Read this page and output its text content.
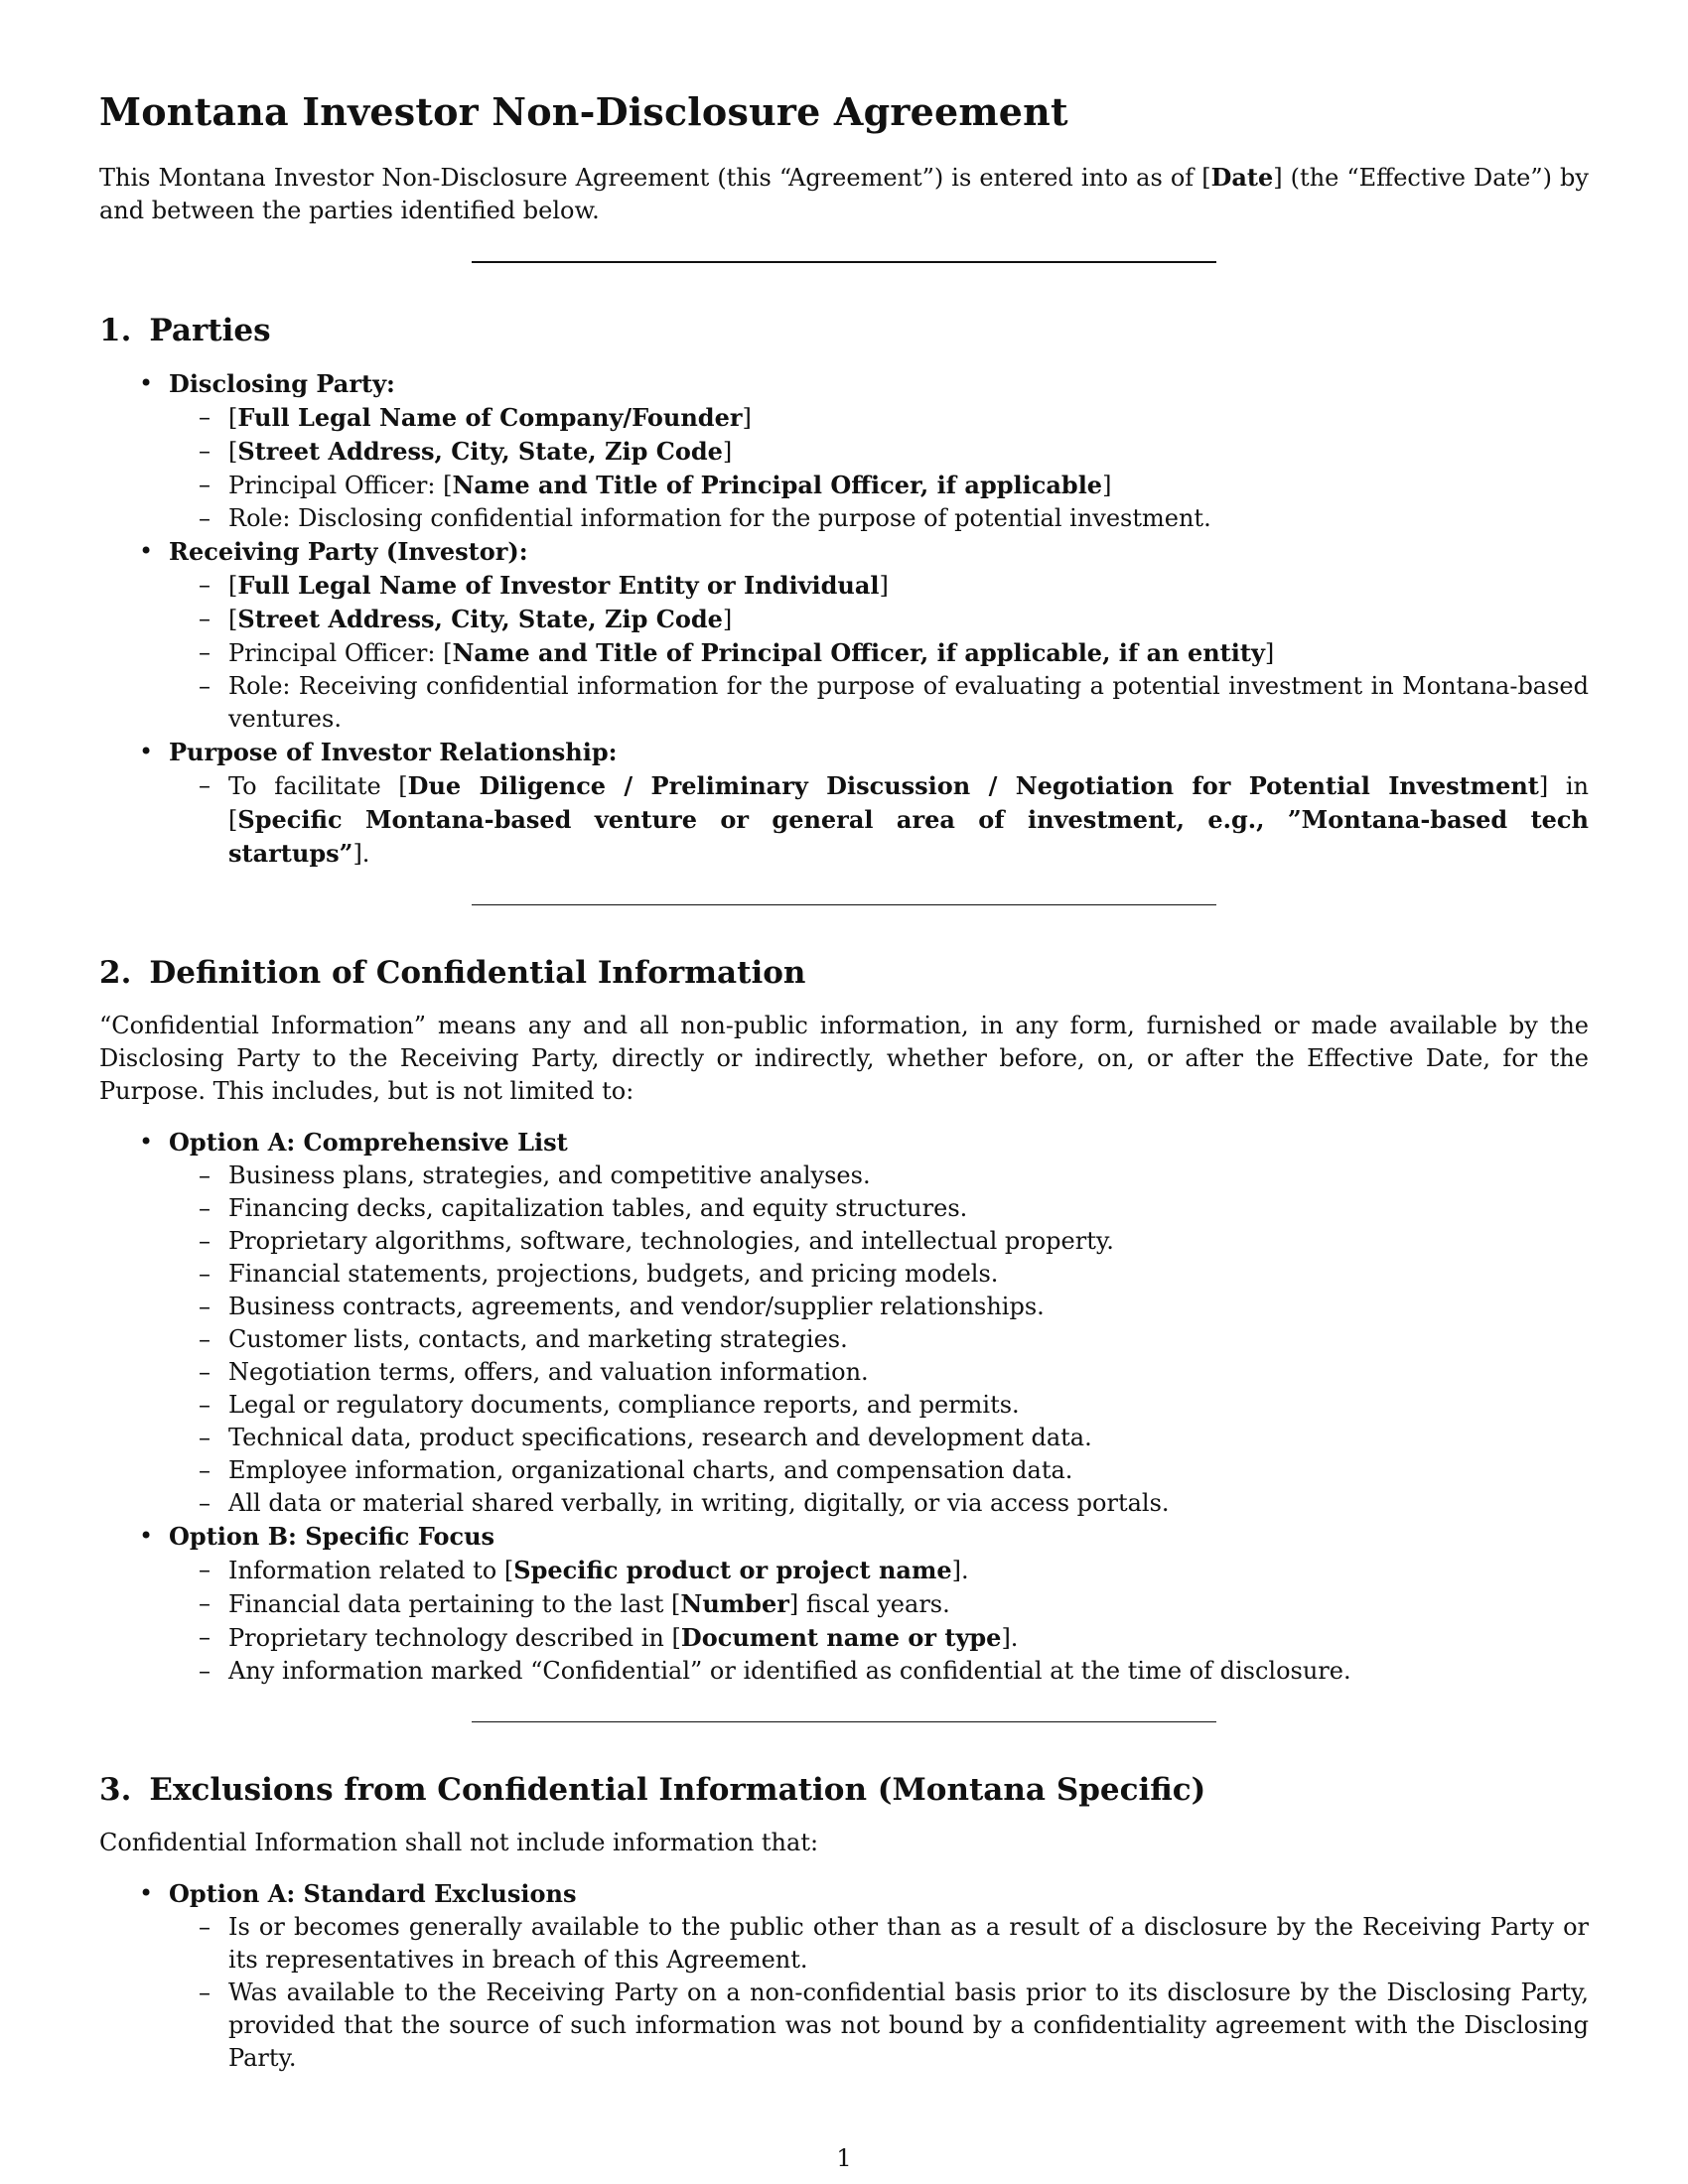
Montana Investor Non-Disclosure Agreement

This Montana Investor Non-Disclosure Agreement (this “Agreement”) is entered into as of [Date] (the “Effective Date”) by and between the parties identified below.

1. Parties
• Disclosing Party:
– [Full Legal Name of Company/Founder]
– [Street Address, City, State, Zip Code]
– Principal Officer: [Name and Title of Principal Officer, if applicable]
– Role: Disclosing confidential information for the purpose of potential investment.
• Receiving Party (Investor):
– [Full Legal Name of Investor Entity or Individual]
– [Street Address, City, State, Zip Code]
– Principal Officer: [Name and Title of Principal Officer, if applicable, if an entity]
– Role: Receiving confidential information for the purpose of evaluating a potential investment in Montana-based ventures.
• Purpose of Investor Relationship:
– To facilitate [Due Diligence / Preliminary Discussion / Negotiation for Potential Investment] in [Specific Montana-based venture or general area of investment, e.g., ”Montana-based tech startups”].
2. Definition of Confidential Information

“Confidential Information” means any and all non-public information, in any form, furnished or made available by the Disclosing Party to the Receiving Party, directly or indirectly, whether before, on, or after the Effective Date, for the Purpose. This includes, but is not limited to:

• Option A: Comprehensive List
– Business plans, strategies, and competitive analyses.
– Financing decks, capitalization tables, and equity structures.
– Proprietary algorithms, software, technologies, and intellectual property.
– Financial statements, projections, budgets, and pricing models.
– Business contracts, agreements, and vendor/supplier relationships.
– Customer lists, contacts, and marketing strategies.
– Negotiation terms, offers, and valuation information.
– Legal or regulatory documents, compliance reports, and permits.
– Technical data, product specifications, research and development data.
– Employee information, organizational charts, and compensation data.
– All data or material shared verbally, in writing, digitally, or via access portals.
• Option B: Specific Focus
– Information related to [Specific product or project name].
– Financial data pertaining to the last [Number] fiscal years.
– Proprietary technology described in [Document name or type].
– Any information marked “Confidential” or identified as confidential at the time of disclosure.
3. Exclusions from Confidential Information (Montana Specific)

Confidential Information shall not include information that:

• Option A: Standard Exclusions
– Is or becomes generally available to the public other than as a result of a disclosure by the Receiving Party or its representatives in breach of this Agreement.
– Was available to the Receiving Party on a non-confidential basis prior to its disclosure by the Disclosing Party, provided that the source of such information was not bound by a confidentiality agreement with the Disclosing Party.
1
